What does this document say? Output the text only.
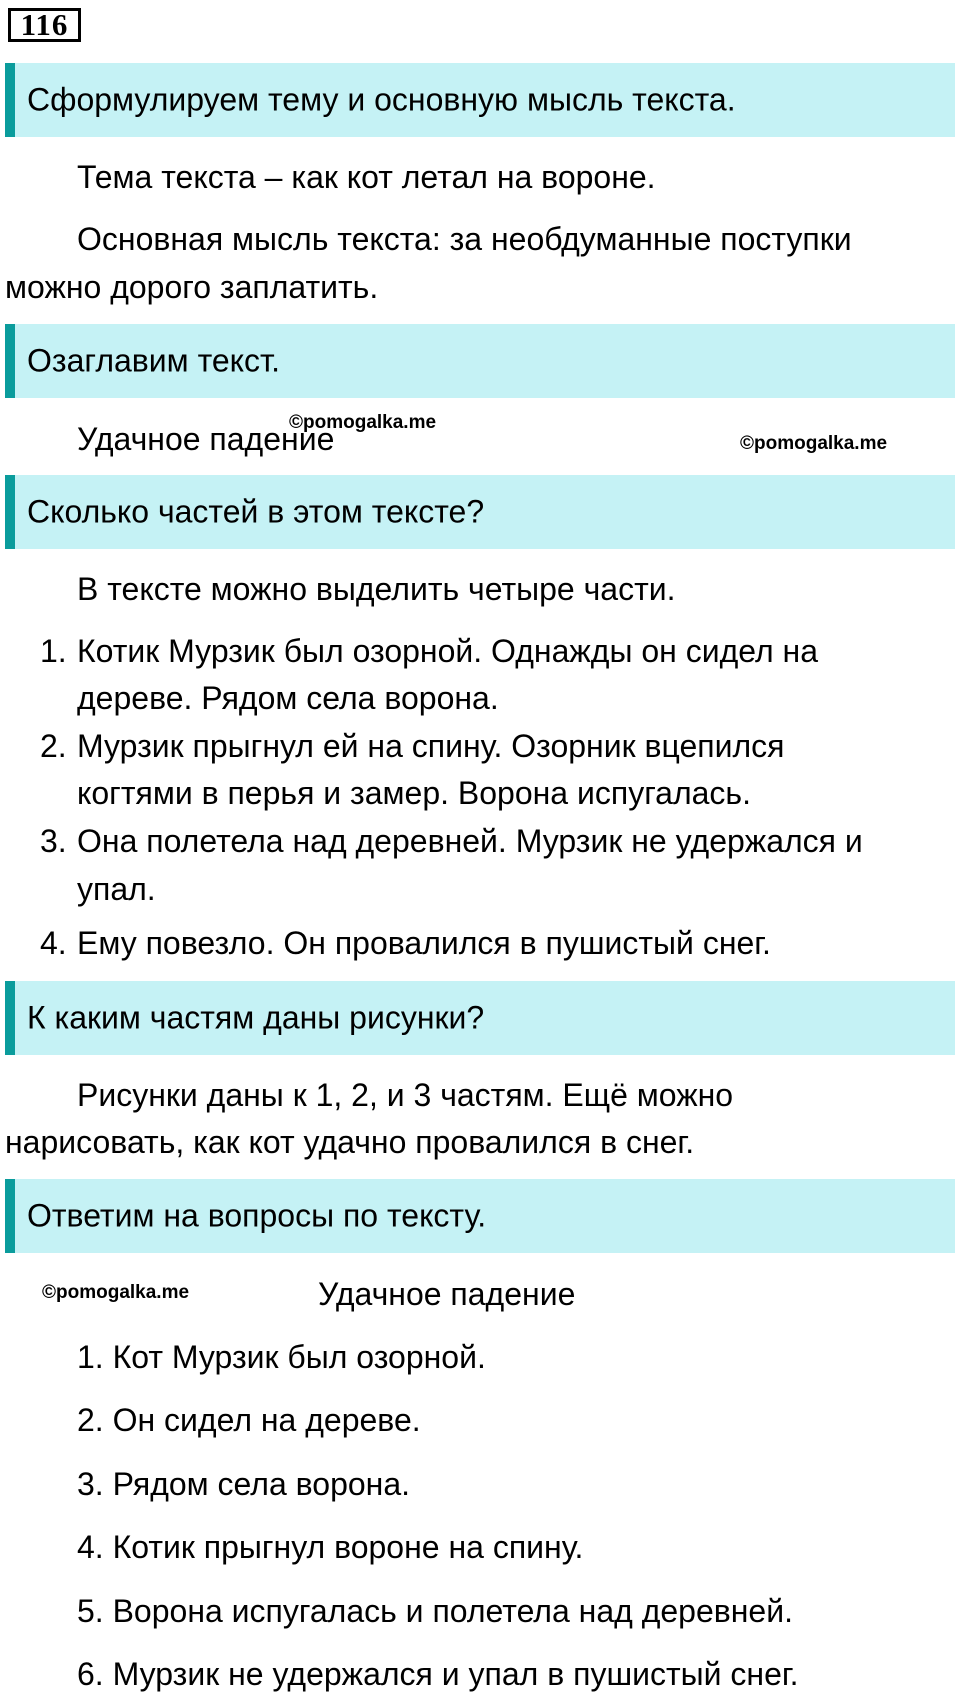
116
Сформулируем тему и основную мысль текста.
Тема текста – как кот летал на вороне.
Основная мысль текста: за необдуманные поступки
можно дорого заплатить.
Озаглавим текст.
Удачное падение
©pomogalka.me
©pomogalka.me
Сколько частей в этом тексте?
В тексте можно выделить четыре части.
1. Котик Мурзик был озорной. Однажды он сидел на
дереве. Рядом села ворона.
2. Мурзик прыгнул ей на спину. Озорник вцепился
когтями в перья и замер. Ворона испугалась.
3. Она полетела над деревней. Мурзик не удержался и
упал.
4. Ему повезло. Он провалился в пушистый снег.
К каким частям даны рисунки?
Рисунки даны к 1, 2, и 3 частям. Ещё можно
нарисовать, как кот удачно провалился в снег.
Ответим на вопросы по тексту.
©pomogalka.me	Удачное падение
1. Кот Мурзик был озорной.
2. Он сидел на дереве.
3. Рядом села ворона.
4. Котик прыгнул вороне на спину.
5. Ворона испугалась и полетела над деревней.
6. Мурзик не удержался и упал в пушистый снег.
